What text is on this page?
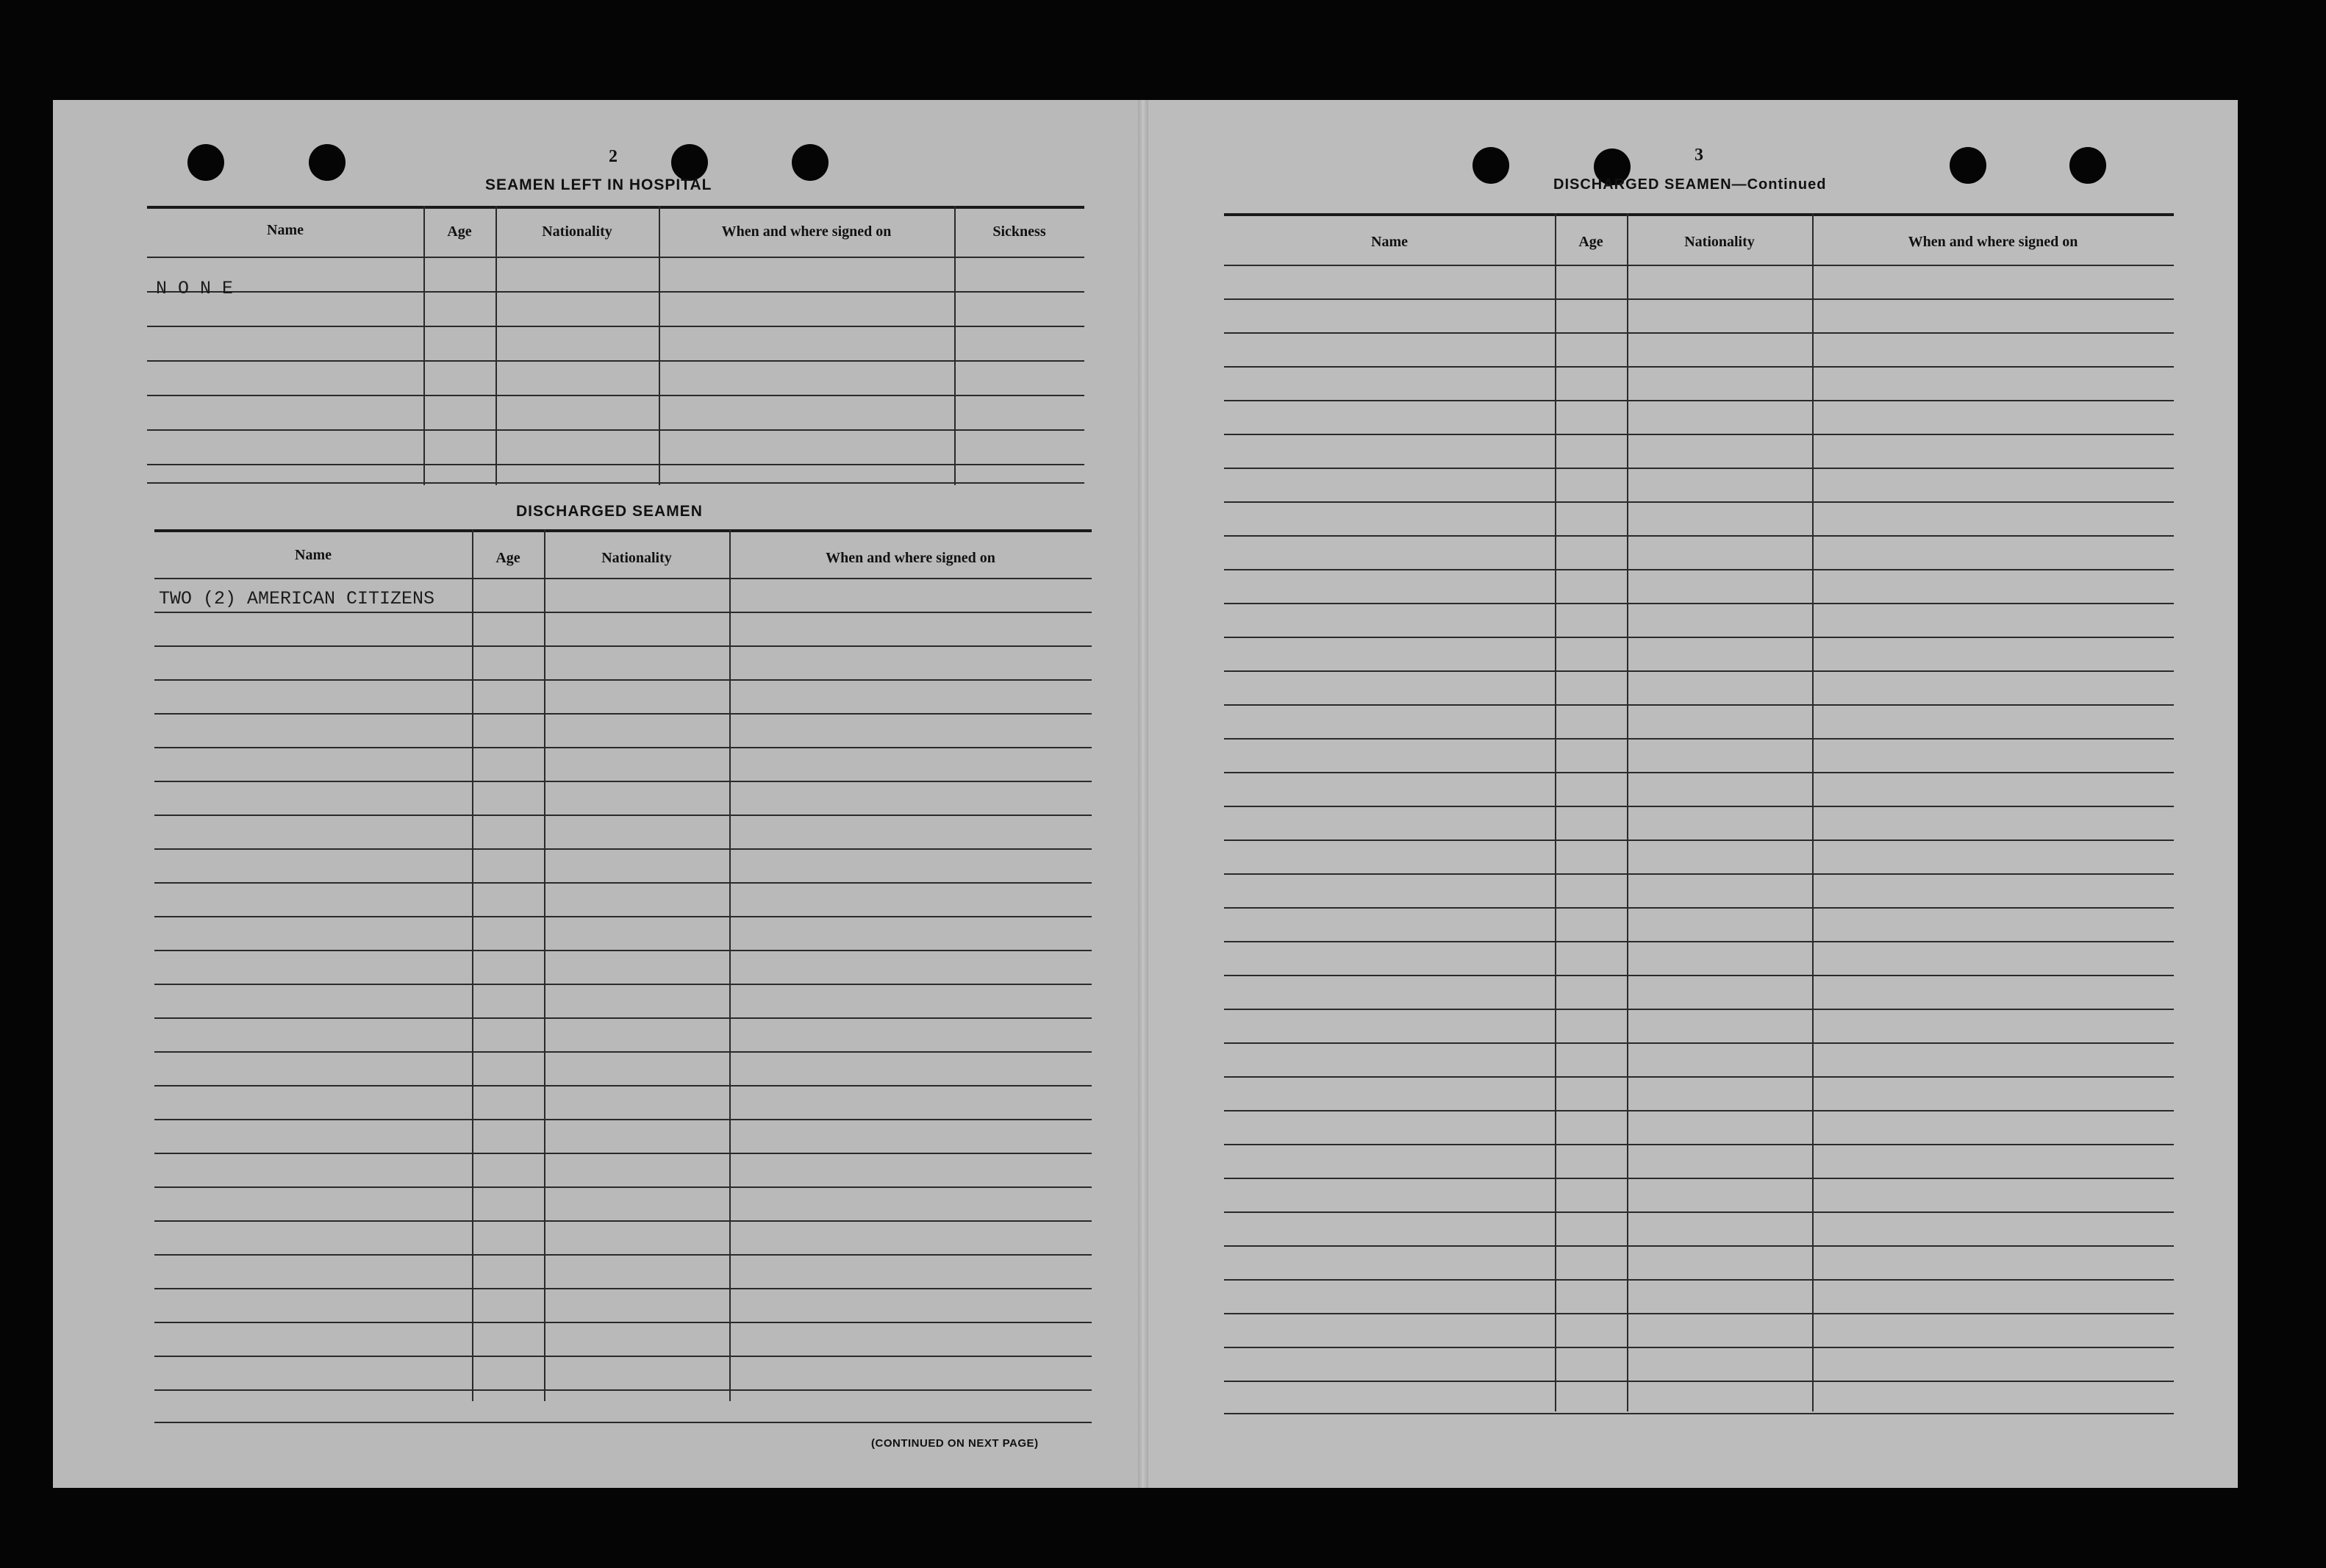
2
SEAMEN LEFT IN HOSPITAL
Name	Age	Nationality	When and where signed on	Sickness
N O N E
DISCHARGED SEAMEN
Name	Age	Nationality	When and where signed on
TWO (2) AMERICAN CITIZENS
(CONTINUED ON NEXT PAGE)
3
DISCHARGED SEAMEN—Continued
Name	Age	Nationality	When and where signed on
